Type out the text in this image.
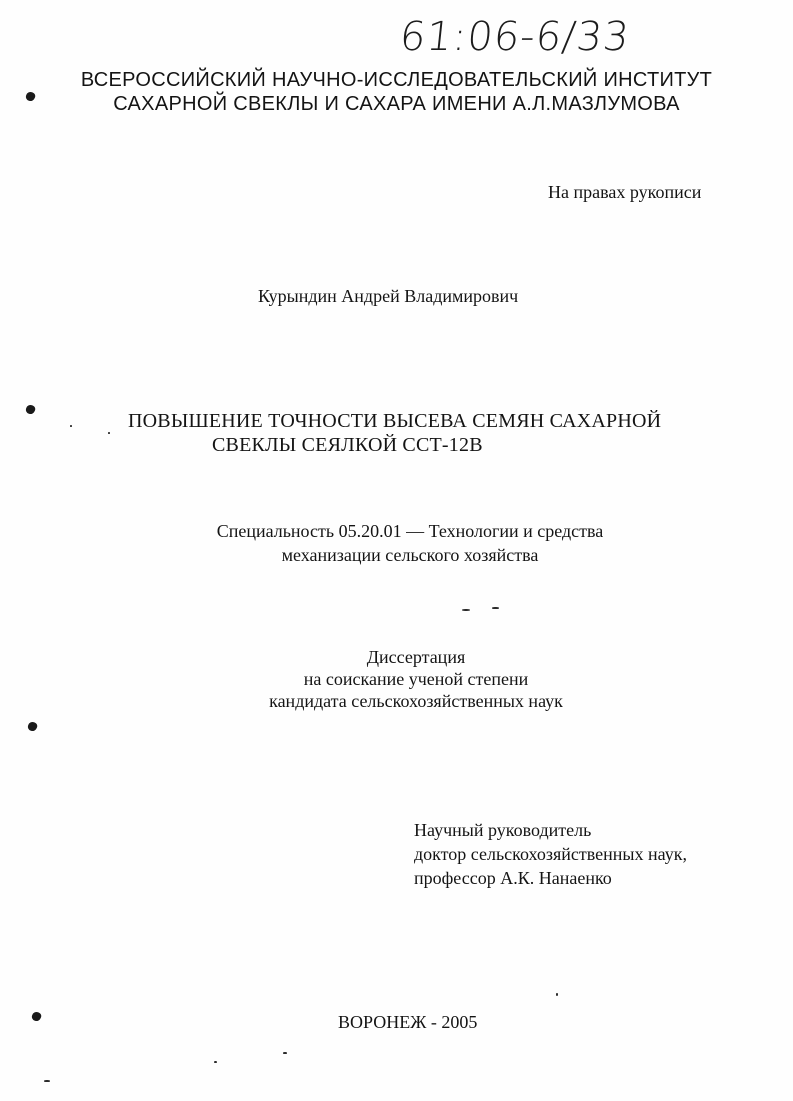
61:06-6/33
ВСЕРОССИЙСКИЙ НАУЧНО-ИССЛЕДОВАТЕЛЬСКИЙ ИНСТИТУТ
САХАРНОЙ СВЕКЛЫ И САХАРА ИМЕНИ А.Л.МАЗЛУМОВА
На правах рукописи
Курындин Андрей Владимирович
ПОВЫШЕНИЕ ТОЧНОСТИ ВЫСЕВА СЕМЯН САХАРНОЙ
СВЕКЛЫ СЕЯЛКОЙ ССТ-12В
Специальность 05.20.01 — Технологии и средства
механизации сельского хозяйства
Диссертация
на соискание ученой степени
кандидата сельскохозяйственных наук
Научный руководитель
доктор сельскохозяйственных наук,
профессор А.К. Нанаенко
ВОРОНЕЖ - 2005
